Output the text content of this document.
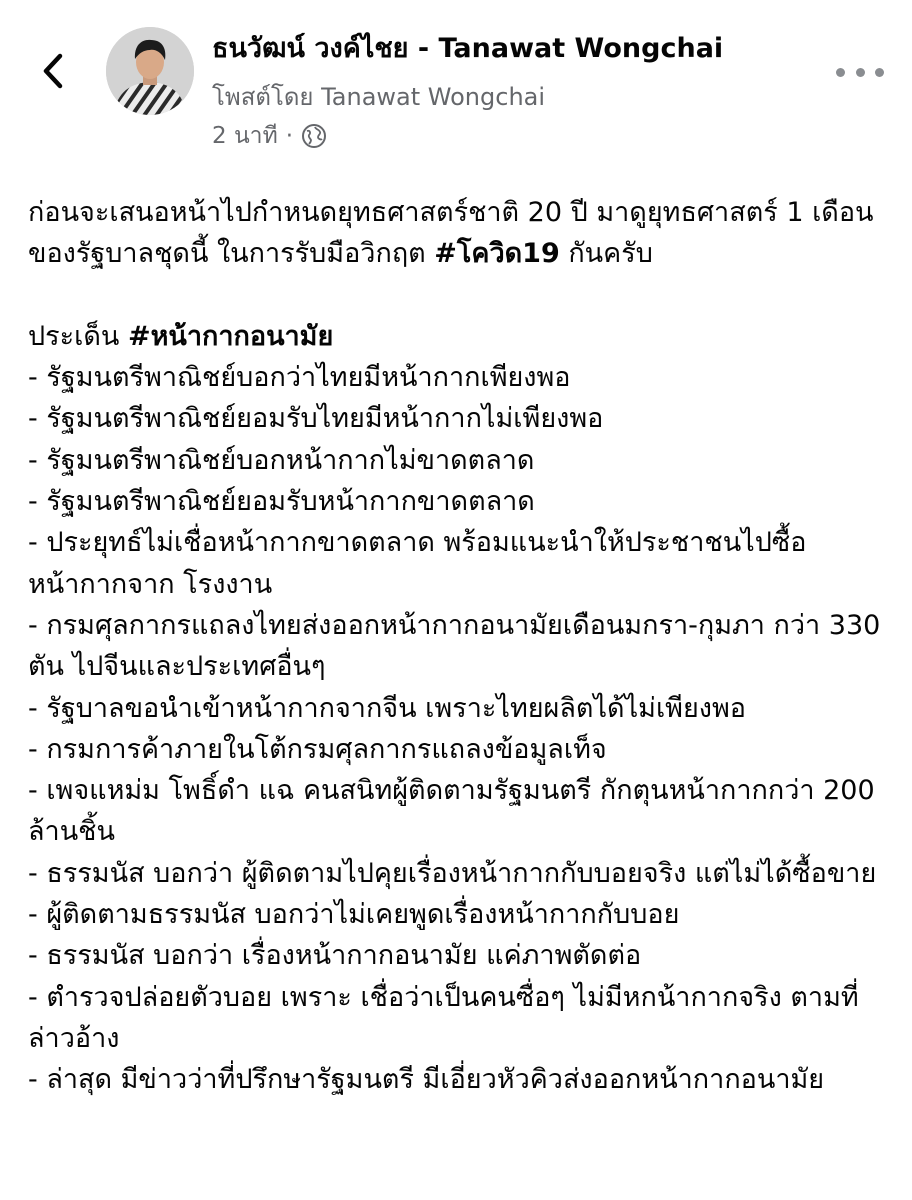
ธนวัฒน์ วงค์ไชย - Tanawat Wongchai
โพสต์โดย Tanawat Wongchai
2 นาที ·

ก่อนจะเสนอหน้าไปกำหนดยุทธศาสตร์ชาติ 20 ปี มาดูยุทธศาสตร์ 1 เดือนของรัฐบาลชุดนี้ ในการรับมือวิกฤต #โควิด19 กันครับ

ประเด็น #หน้ากากอนามัย

- รัฐมนตรีพาณิชย์บอกว่าไทยมีหน้ากากเพียงพอ

- รัฐมนตรีพาณิชย์ยอมรับไทยมีหน้ากากไม่เพียงพอ

- รัฐมนตรีพาณิชย์บอกหน้ากากไม่ขาดตลาด

- รัฐมนตรีพาณิชย์ยอมรับหน้ากากขาดตลาด

- ประยุทธ์ไม่เชื่อหน้ากากขาดตลาด พร้อมแนะนำให้ประชาชนไปซื้อหน้ากากจาก โรงงาน

- กรมศุลกากรแถลงไทยส่งออกหน้ากากอนามัยเดือนมกรา-กุมภา กว่า 330 ตัน ไปจีนและประเทศอื่นๆ

- รัฐบาลขอนำเข้าหน้ากากจากจีน เพราะไทยผลิตได้ไม่เพียงพอ

- กรมการค้าภายในโต้กรมศุลกากรแถลงข้อมูลเท็จ

- เพจแหม่ม โพธิ์ดำ แฉ คนสนิทผู้ติดตามรัฐมนตรี กักตุนหน้ากากกว่า 200 ล้านชิ้น

- ธรรมนัส บอกว่า ผู้ติดตามไปคุยเรื่องหน้ากากกับบอยจริง แต่ไม่ได้ซื้อขาย

- ผู้ติดตามธรรมนัส บอกว่าไม่เคยพูดเรื่องหน้ากากกับบอย

- ธรรมนัส บอกว่า เรื่องหน้ากากอนามัย แค่ภาพตัดต่อ

- ตำรวจปล่อยตัวบอย เพราะ เชื่อว่าเป็นคนซื่อๆ ไม่มีหกน้ากากจริง ตามที่ล่าวอ้าง

- ล่าสุด มีข่าวว่าที่ปรึกษารัฐมนตรี มีเอี่ยวหัวคิวส่งออกหน้ากากอนามัย
